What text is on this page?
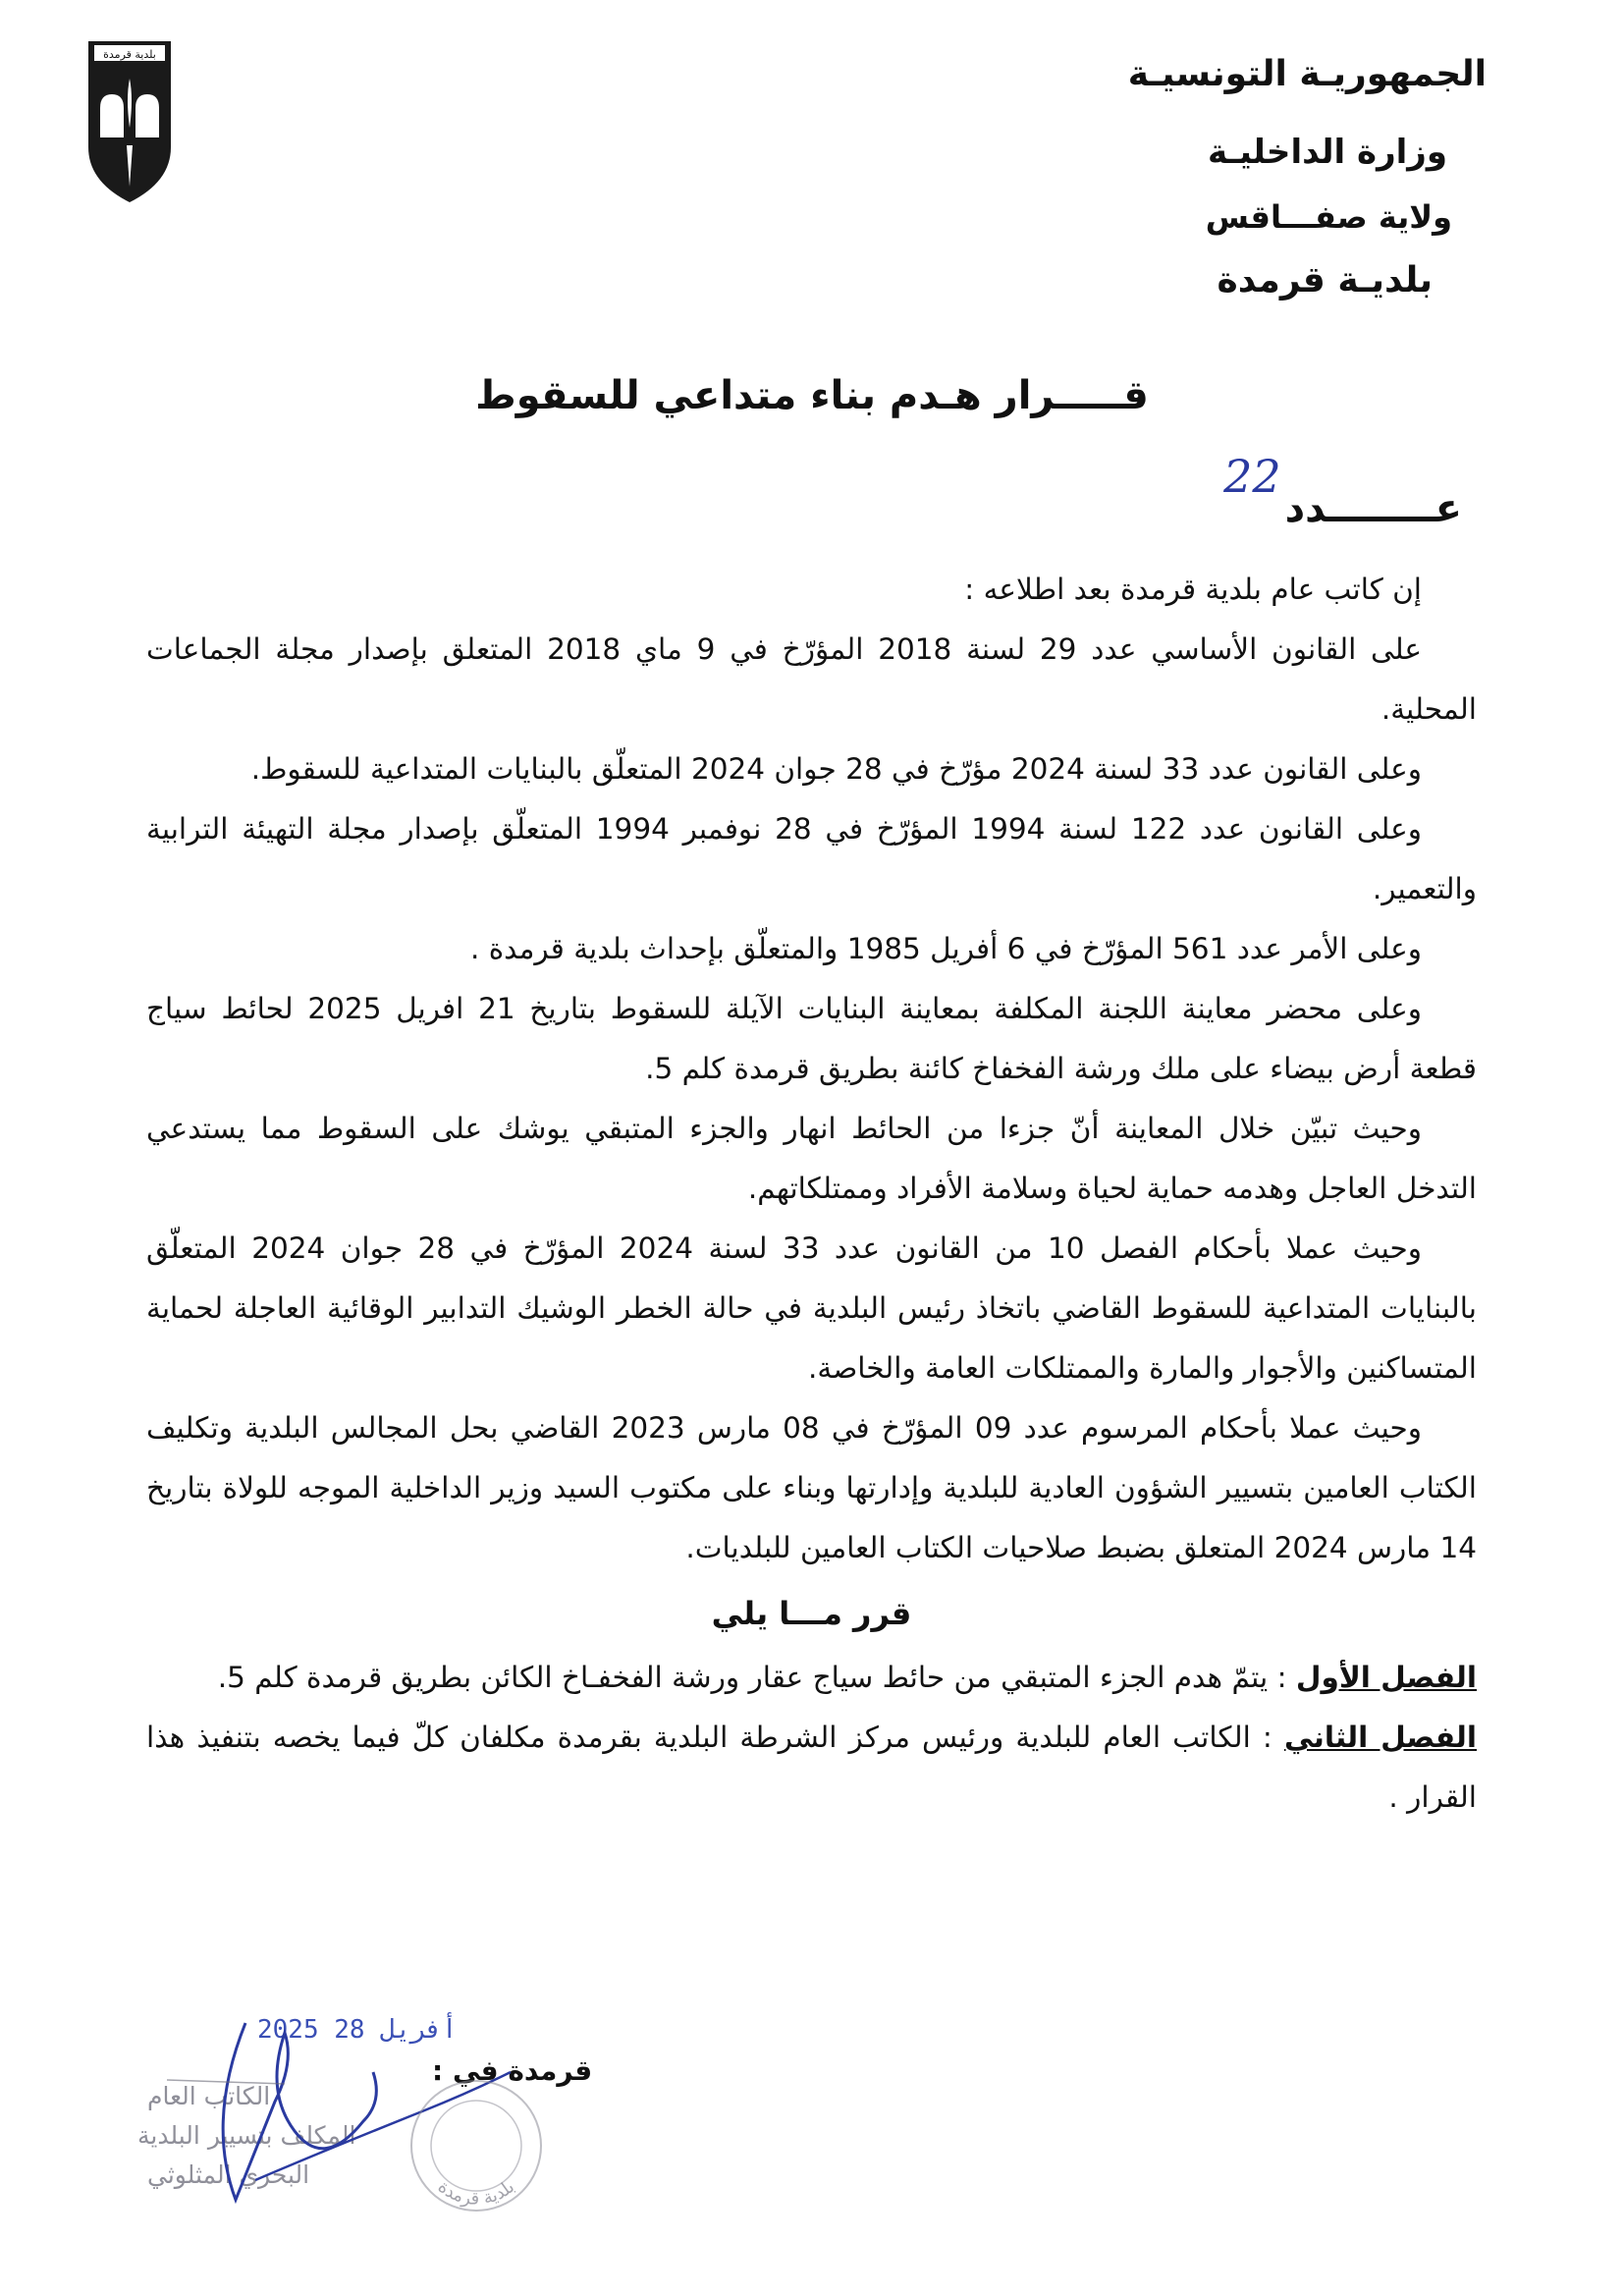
بلدية قرمدة	الجمهوريـة التونسيـة
وزارة الداخليـة
ولاية صفـــاقس
بلديـة قرمدة
قـــــرار هـدم بناء متداعي للسقوط
عــــــــدد22

إن كاتب عام بلدية قرمدة بعد اطلاعه :

على القانون الأساسي عدد 29 لسنة 2018 المؤرّخ في 9 ماي 2018 المتعلق بإصدار مجلة الجماعات المحلية.

وعلى القانون عدد 33 لسنة 2024 مؤرّخ في 28 جوان 2024 المتعلّق بالبنايات المتداعية للسقوط.

وعلى القانون عدد 122 لسنة 1994 المؤرّخ في 28 نوفمبر 1994 المتعلّق بإصدار مجلة التهيئة الترابية والتعمير.

وعلى الأمر عدد 561 المؤرّخ في 6 أفريل 1985 والمتعلّق بإحداث بلدية قرمدة .

وعلى محضر معاينة اللجنة المكلفة بمعاينة البنايات الآيلة للسقوط بتاريخ 21 افريل 2025 لحائط سياج قطعة أرض بيضاء على ملك ورشة الفخفاخ كائنة بطريق قرمدة كلم 5.

وحيث تبيّن خلال المعاينة أنّ جزءا من الحائط انهار والجزء المتبقي يوشك على السقوط مما يستدعي التدخل العاجل وهدمه حماية لحياة وسلامة الأفراد وممتلكاتهم.

وحيث عملا بأحكام الفصل 10 من القانون عدد 33 لسنة 2024 المؤرّخ في 28 جوان 2024 المتعلّق بالبنايات المتداعية للسقوط القاضي باتخاذ رئيس البلدية في حالة الخطر الوشيك التدابير الوقائية العاجلة لحماية المتساكنين والأجوار والمارة والممتلكات العامة والخاصة.

وحيث عملا بأحكام المرسوم عدد 09 المؤرّخ في 08 مارس 2023 القاضي بحل المجالس البلدية وتكليف الكتاب العامين بتسيير الشؤون العادية للبلدية وإدارتها وبناء على مكتوب السيد وزير الداخلية الموجه للولاة بتاريخ 14 مارس 2024 المتعلق بضبط صلاحيات الكتاب العامين للبلديات.

قرر مـــا يلي

الفصل الأول : يتمّ هدم الجزء المتبقي من حائط سياج عقار ورشة الفخفـاخ الكائن بطريق قرمدة كلم 5.

الفصل الثاني : الكاتب العام للبلدية ورئيس مركز الشرطة البلدية بقرمدة مكلفان كلّ فيما يخصه بتنفيذ هذا القرار .

قرمدة في :
2025 أفريل 28
الكاتب العام
المكلف بتسيير البلدية
البحري المثلوثي	بلدية قرمدة
